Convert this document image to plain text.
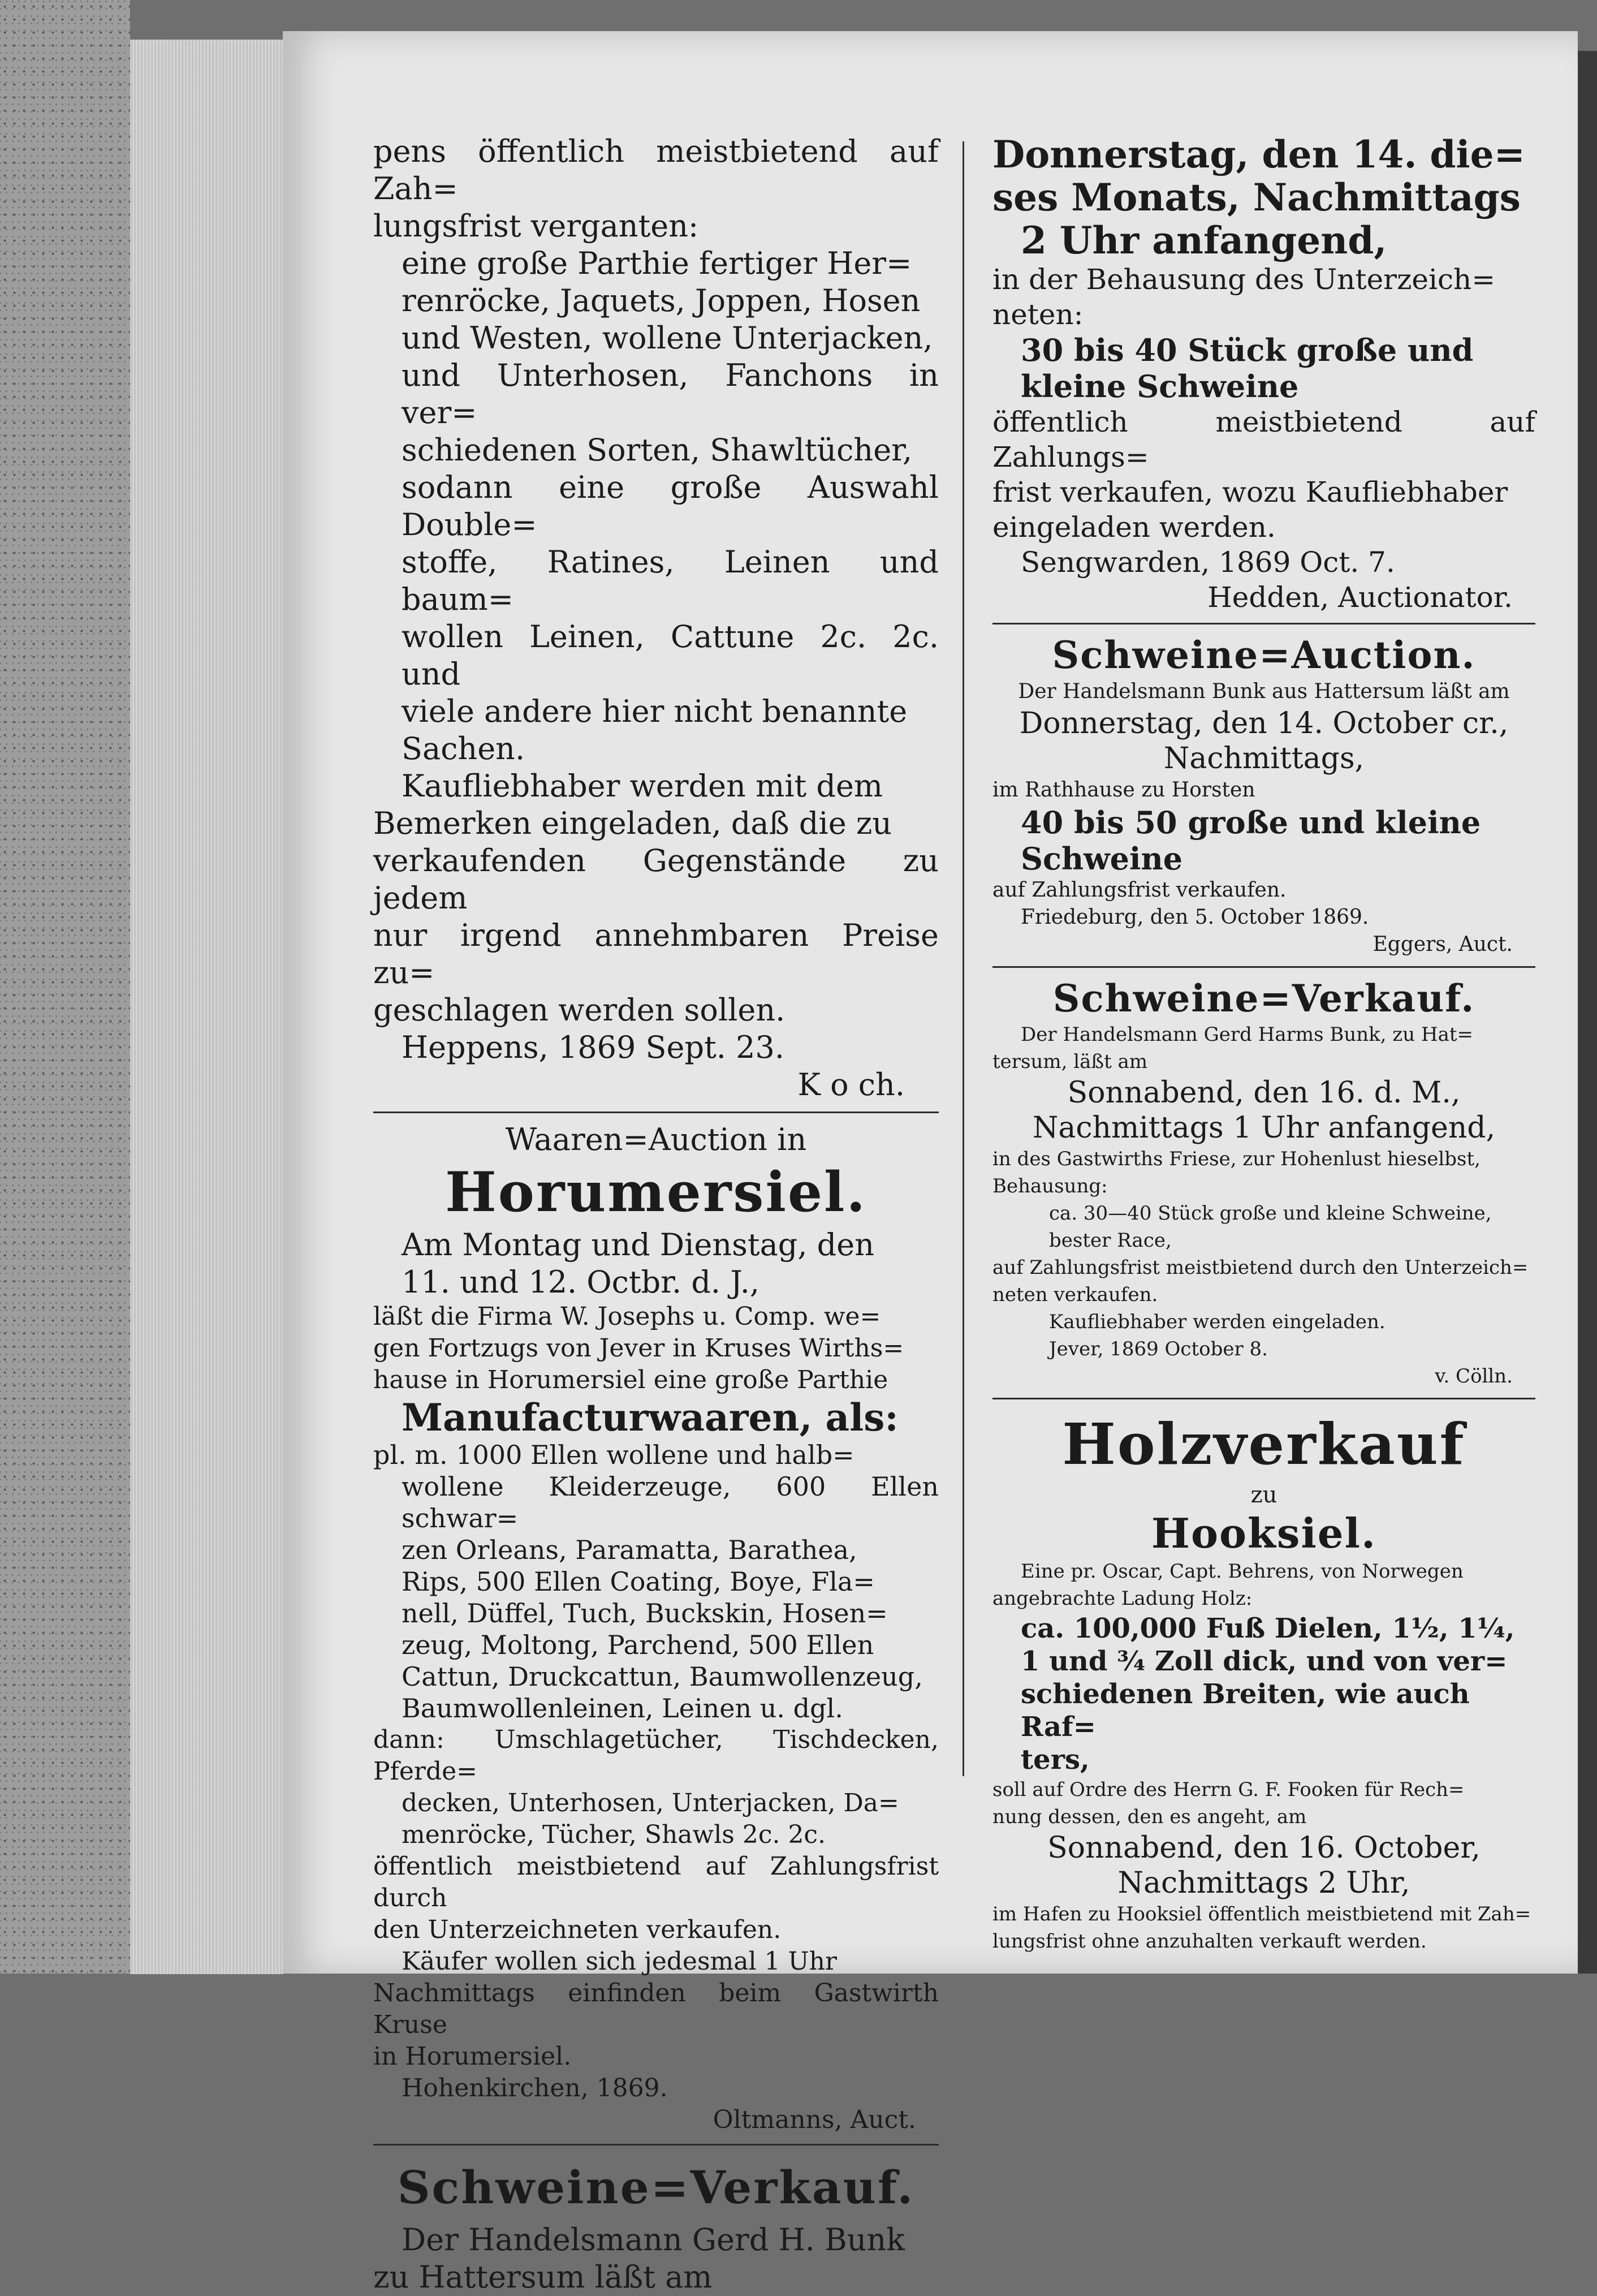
pens öffentlich meistbietend auf Zah=

lungsfrist verganten:

eine große Parthie fertiger Her=

renröcke, Jaquets, Joppen, Hosen

und Westen, wollene Unterjacken,

und Unterhosen, Fanchons in ver=

schiedenen Sorten, Shawltücher,

sodann eine große Auswahl Double=

stoffe, Ratines, Leinen und baum=

wollen Leinen, Cattune 2c. 2c. und

viele andere hier nicht benannte

Sachen.

Kaufliebhaber werden mit dem

Bemerken eingeladen, daß die zu

verkaufenden Gegenstände zu jedem

nur irgend annehmbaren Preise zu=

geschlagen werden sollen.

Heppens, 1869 Sept. 23.

K o ch.

Waaren=Auction in

Horumersiel.

Am Montag und Dienstag, den

11. und 12. Octbr. d. J.,

läßt die Firma W. Josephs u. Comp. we=

gen Fortzugs von Jever in Kruses Wirths=

hause in Horumersiel eine große Parthie

Manufacturwaaren, als:

pl. m. 1000 Ellen wollene und halb=

wollene Kleiderzeuge, 600 Ellen schwar=

zen Orleans, Paramatta, Barathea,

Rips, 500 Ellen Coating, Boye, Fla=

nell, Düffel, Tuch, Buckskin, Hosen=

zeug, Moltong, Parchend, 500 Ellen

Cattun, Druckcattun, Baumwollenzeug,

Baumwollenleinen, Leinen u. dgl.

dann: Umschlagetücher, Tischdecken, Pferde=

decken, Unterhosen, Unterjacken, Da=

menröcke, Tücher, Shawls 2c. 2c.

öffentlich meistbietend auf Zahlungsfrist durch

den Unterzeichneten verkaufen.

Käufer wollen sich jedesmal 1 Uhr

Nachmittags einfinden beim Gastwirth Kruse

in Horumersiel.

Hohenkirchen, 1869.

Oltmanns, Auct.

Schweine=Verkauf.

Der Handelsmann Gerd H. Bunk

zu Hattersum läßt am

Donnerstag, den 14. die=

ses Monats, Nachmittags

2 Uhr anfangend,

in der Behausung des Unterzeich=

neten:

30 bis 40 Stück große und

kleine Schweine

öffentlich meistbietend auf Zahlungs=

frist verkaufen, wozu Kaufliebhaber

eingeladen werden.

Sengwarden, 1869 Oct. 7.

Hedden, Auctionator.

Schweine=Auction.

Der Handelsmann Bunk aus Hattersum läßt am

Donnerstag, den 14. October cr.,

Nachmittags,

im Rathhause zu Horsten

40 bis 50 große und kleine

Schweine

auf Zahlungsfrist verkaufen.

Friedeburg, den 5. October 1869.

Eggers, Auct.

Schweine=Verkauf.

Der Handelsmann Gerd Harms Bunk, zu Hat=

tersum, läßt am

Sonnabend, den 16. d. M.,

Nachmittags 1 Uhr anfangend,

in des Gastwirths Friese, zur Hohenlust hieselbst,

Behausung:

ca. 30—40 Stück große und kleine Schweine,

bester Race,

auf Zahlungsfrist meistbietend durch den Unterzeich=

neten verkaufen.

Kaufliebhaber werden eingeladen.

Jever, 1869 October 8.

v. Cölln.

Holzverkauf

zu

Hooksiel.

Eine pr. Oscar, Capt. Behrens, von Norwegen

angebrachte Ladung Holz:

ca. 100,000 Fuß Dielen, 1½, 1¼,

1 und ¾ Zoll dick, und von ver=

schiedenen Breiten, wie auch Raf=

ters,

soll auf Ordre des Herrn G. F. Fooken für Rech=

nung dessen, den es angeht, am

Sonnabend, den 16. October,

Nachmittags 2 Uhr,

im Hafen zu Hooksiel öffentlich meistbietend mit Zah=

lungsfrist ohne anzuhalten verkauft werden.
